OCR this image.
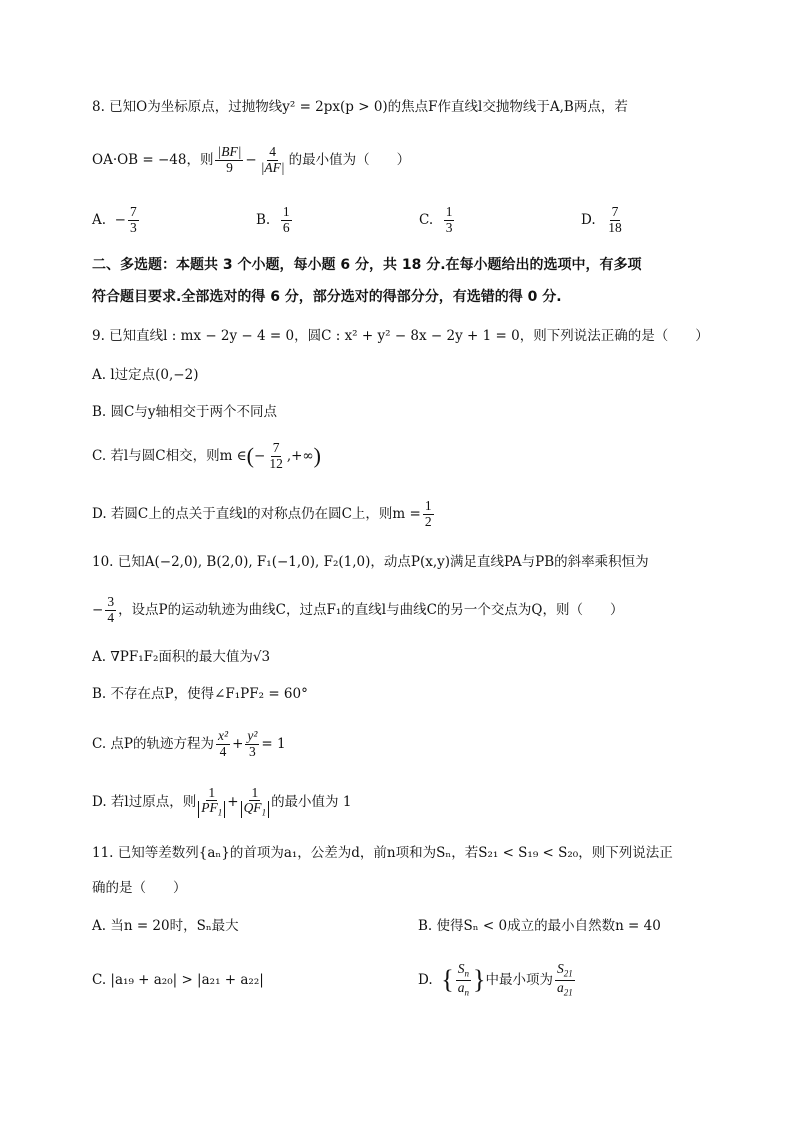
8. 已知O为坐标原点，过抛物线y² = 2px(p > 0)的焦点F作直线l交抛物线于A,B两点，若
OA·OB = −48，则 $\frac{|BF|}{9} - \frac{4}{|AF|}$ 的最小值为（　　）
A.
− $\frac{7}{3}$	B.
$\frac{1}{6}$	C.
$\frac{1}{3}$	D.
$\frac{7}{18}$
二、多选题：本题共 3 个小题，每小题 6 分，共 18 分.在每小题给出的选项中，有多项
符合题目要求.全部选对的得 6 分，部分选对的得部分分，有选错的得 0 分.
9. 已知直线l : mx − 2y − 4 = 0，圆C : x² + y² − 8x − 2y + 1 = 0，则下列说法正确的是（　　）
A. l过定点(0,−2)
B. 圆C与y轴相交于两个不同点
C. 若l与圆C相交，则m ∈ ( − $\frac{7}{12}$ ,+∞ )
D. 若圆C上的点关于直线l的对称点仍在圆C上，则$m = \frac{1}{2}$
10. 已知A(−2,0), B(2,0), F₁(−1,0), F₂(1,0)，动点P(x,y)满足直线PA与PB的斜率乘积恒为
− $\frac{3}{4}$ ，设点P的运动轨迹为曲线C，过点F₁的直线l与曲线C的另一个交点为Q，则（　　）
A. ∇PF₁F₂面积的最大值为√3
B. 不存在点P，使得∠F₁PF₂ = 60°
C. 点P的轨迹方程为 $\frac{\text{x²}}{4} + \frac{\text{y²}}{3} = 1$
D. 若l过原点，则 $\frac{1}{PF_1} + \frac{1}{QF_1}$ 的最小值为 1
11. 已知等差数列{aₙ}的首项为a₁，公差为d，前n项和为Sₙ，若S₂₁ < S₁₉ < S₂₀，则下列说法正
确的是（　　）
A. 当n = 20时，Sₙ最大	B. 使得Sₙ < 0成立的最小自然数n = 40
C. |a₁₉ + a₂₀| > |a₂₁ + a₂₂|	D.
{ $\frac{S_n}{a_n}$ } 中最小项为 $\frac{S_{21}}{a_{21}}$
